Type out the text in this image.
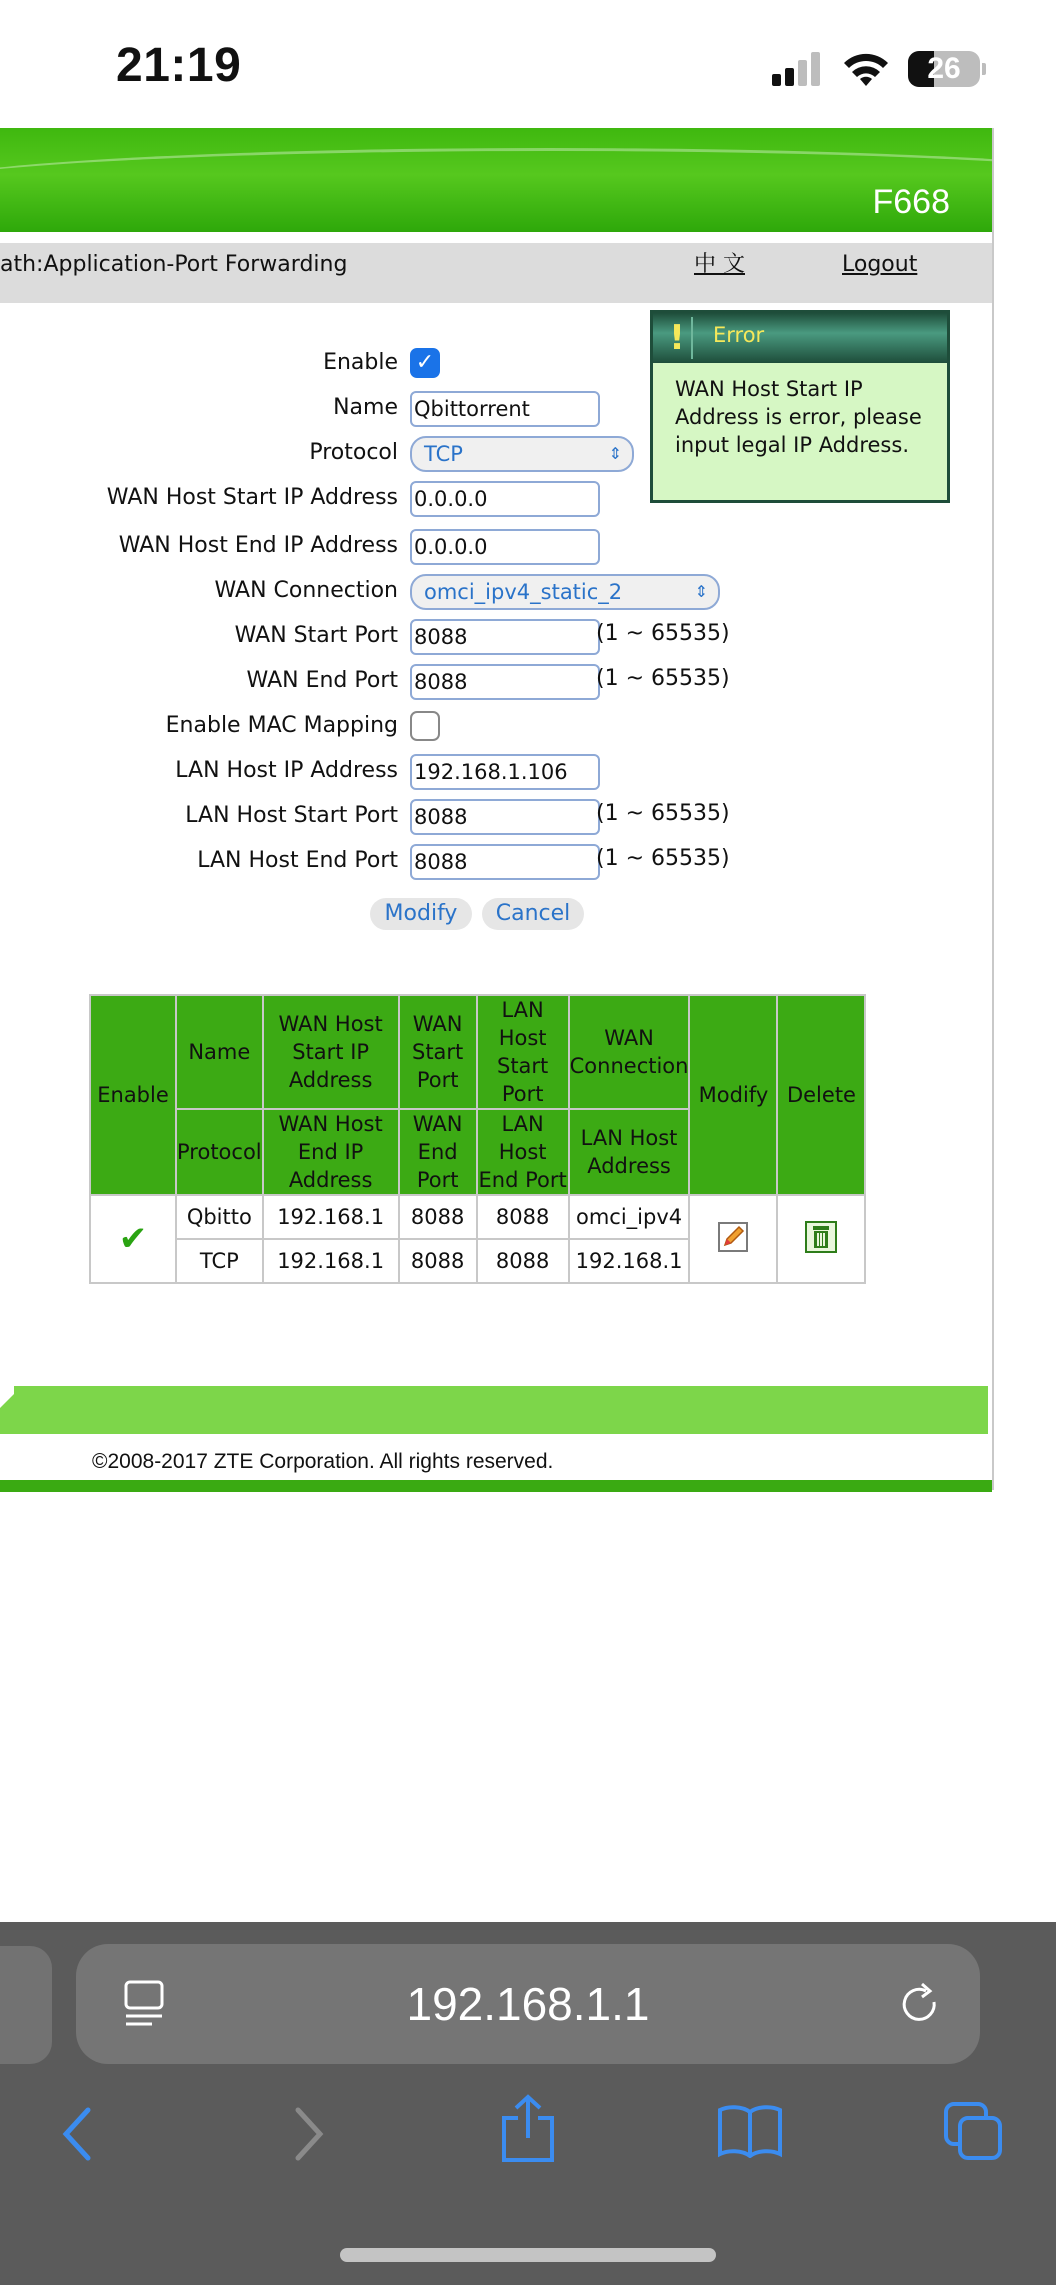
21:19	26
F668
ath:Application-Port Forwarding	中 文	Logout
Enable ✓
Name Qbittorrent
Protocol	TCP	⇕
WAN Host Start IP Address 0.0.0.0
WAN Host End IP Address 0.0.0.0
WAN Connection	omci_ipv4_static_2	⇕
WAN Start Port 8088	(1 ~ 65535)
WAN End Port 8088	(1 ~ 65535)
Enable MAC Mapping
LAN Host IP Address 192.168.1.106
LAN Host Start Port 8088	(1 ~ 65535)
LAN Host End Port 8088	(1 ~ 65535)
Modify	Cancel
!	Error
WAN Host Start IP Address is error, please input legal IP Address.
Enable	Name	WAN Host Start IP Address	WAN Start Port	LAN Host Start Port	WAN Connection	Modify	Delete
	Protocol	WAN Host End IP Address	WAN End Port	LAN Host End Port	LAN Host Address		
✔	Qbitto	192.168.1	8088	8088	omci_ipv4		
	TCP	192.168.1	8088	8088	192.168.1		
©2008-2017 ZTE Corporation. All rights reserved.
192.168.1.1
